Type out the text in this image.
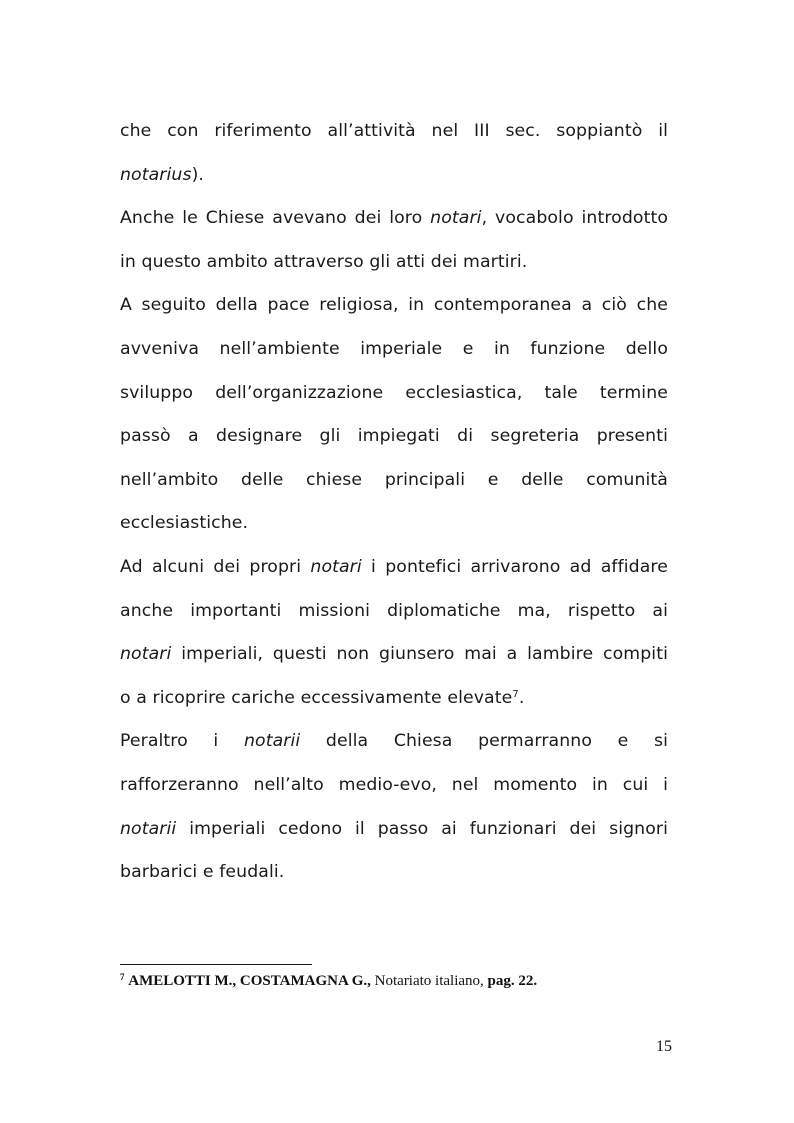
che con riferimento all’attività nel III sec. soppiantò il
notarius).
Anche le Chiese avevano dei loro notari, vocabolo introdotto
in questo ambito attraverso gli atti dei martiri.
A seguito della pace religiosa, in contemporanea a ciò che
avveniva nell’ambiente imperiale e in funzione dello
sviluppo dell’organizzazione ecclesiastica, tale termine
passò a designare gli impiegati di segreteria presenti
nell’ambito delle chiese principali e delle comunità
ecclesiastiche.
Ad alcuni dei propri notari i pontefici arrivarono ad affidare
anche importanti missioni diplomatiche ma, rispetto ai
notari imperiali, questi non giunsero mai a lambire compiti
o a ricoprire cariche eccessivamente elevate$^7$.
Peraltro i notarii della Chiesa permarranno e si
rafforzeranno nell’alto medio-evo, nel momento in cui i
notarii imperiali cedono il passo ai funzionari dei signori
barbarici e feudali.
$^7$ AMELOTTI M., COSTAMAGNA G., Notariato italiano, pag. 22.
15
